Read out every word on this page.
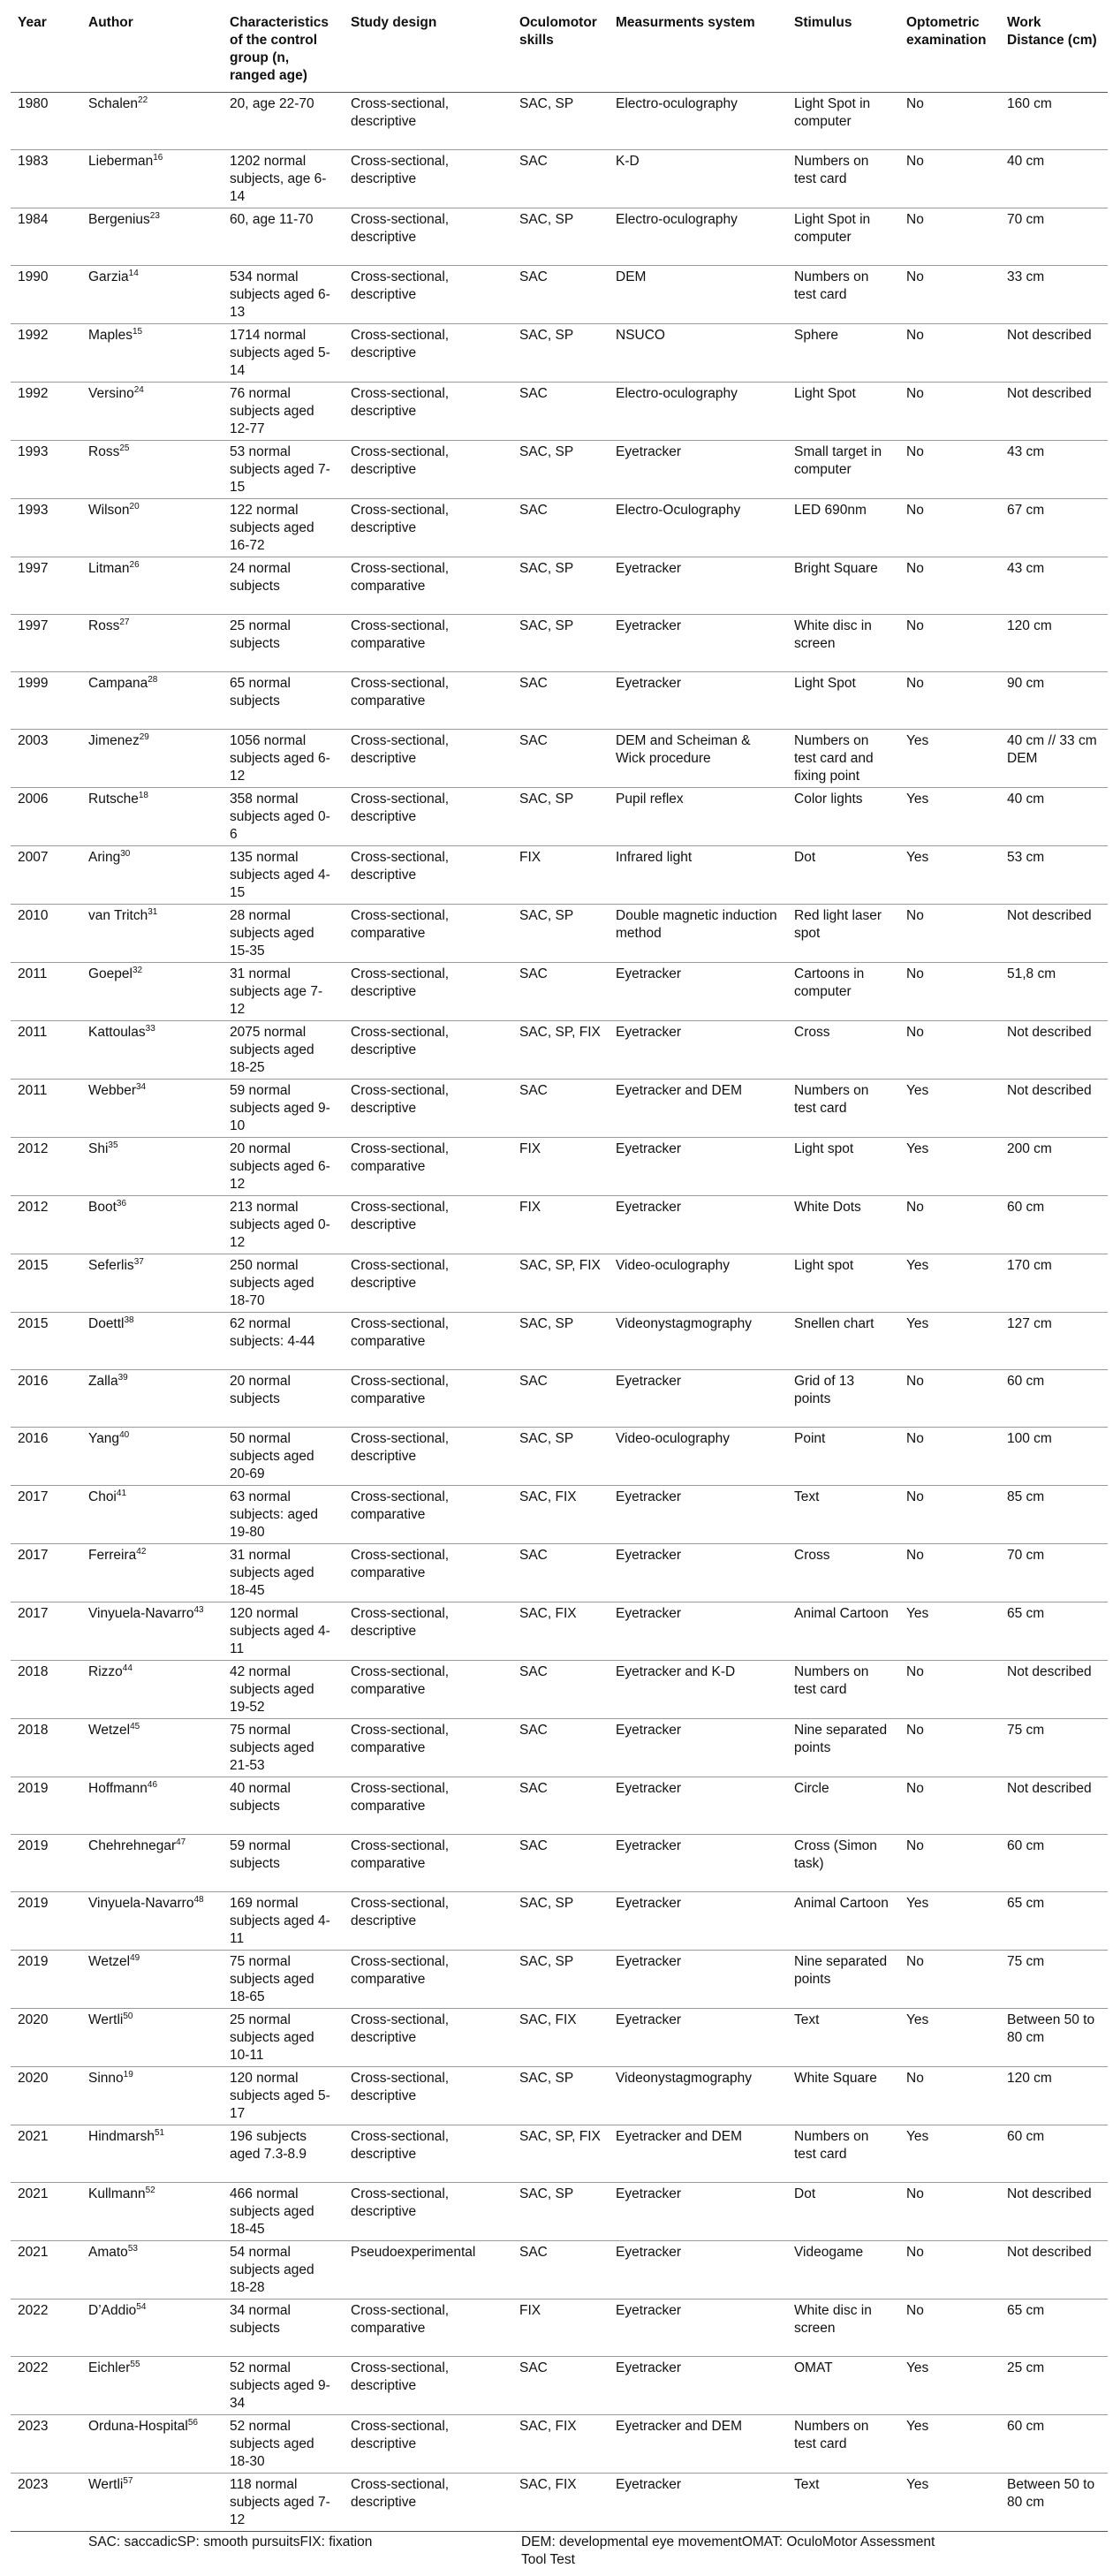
Year	Author	Characteristics of the control group (n, ranged age)	Study design	Oculomotor skills	Measurments system	Stimulus	Optometric examination	Work Distance (cm)
1980	Schalen$^{22}$	20, age 22-70	Cross-sectional, descriptive	SAC, SP	Electro-oculography	Light Spot in computer	No	160 cm
1983	Lieberman$^{16}$	1202 normal subjects, age 6-14	Cross-sectional, descriptive	SAC	K-D	Numbers on test card	No	40 cm
1984	Bergenius$^{23}$	60, age 11-70	Cross-sectional, descriptive	SAC, SP	Electro-oculography	Light Spot in computer	No	70 cm
1990	Garzia$^{14}$	534 normal subjects aged 6-13	Cross-sectional, descriptive	SAC	DEM	Numbers on test card	No	33 cm
1992	Maples$^{15}$	1714 normal subjects aged 5-14	Cross-sectional, descriptive	SAC, SP	NSUCO	Sphere	No	Not described
1992	Versino$^{24}$	76 normal subjects aged 12-77	Cross-sectional, descriptive	SAC	Electro-oculography	Light Spot	No	Not described
1993	Ross$^{25}$	53 normal subjects aged 7-15	Cross-sectional, descriptive	SAC, SP	Eyetracker	Small target in computer	No	43 cm
1993	Wilson$^{20}$	122 normal subjects aged 16-72	Cross-sectional, descriptive	SAC	Electro-Oculography	LED 690nm	No	67 cm
1997	Litman$^{26}$	24 normal subjects	Cross-sectional, comparative	SAC, SP	Eyetracker	Bright Square	No	43 cm
1997	Ross$^{27}$	25 normal subjects	Cross-sectional, comparative	SAC, SP	Eyetracker	White disc in screen	No	120 cm
1999	Campana$^{28}$	65 normal subjects	Cross-sectional, comparative	SAC	Eyetracker	Light Spot	No	90 cm
2003	Jimenez$^{29}$	1056 normal subjects aged 6-12	Cross-sectional, descriptive	SAC	DEM and Scheiman & Wick procedure	Numbers on test card and fixing point	Yes	40 cm // 33 cm DEM
2006	Rutsche$^{18}$	358 normal subjects aged 0-6	Cross-sectional, descriptive	SAC, SP	Pupil reflex	Color lights	Yes	40 cm
2007	Aring$^{30}$	135 normal subjects aged 4-15	Cross-sectional, descriptive	FIX	Infrared light	Dot	Yes	53 cm
2010	van Tritch$^{31}$	28 normal subjects aged 15-35	Cross-sectional, comparative	SAC, SP	Double magnetic induction method	Red light laser spot	No	Not described
2011	Goepel$^{32}$	31 normal subjects age 7-12	Cross-sectional, descriptive	SAC	Eyetracker	Cartoons in computer	No	51,8 cm
2011	Kattoulas$^{33}$	2075 normal subjects aged 18-25	Cross-sectional, descriptive	SAC, SP, FIX	Eyetracker	Cross	No	Not described
2011	Webber$^{34}$	59 normal subjects aged 9-10	Cross-sectional, descriptive	SAC	Eyetracker and DEM	Numbers on test card	Yes	Not described
2012	Shi$^{35}$	20 normal subjects aged 6-12	Cross-sectional, comparative	FIX	Eyetracker	Light spot	Yes	200 cm
2012	Boot$^{36}$	213 normal subjects aged 0-12	Cross-sectional, descriptive	FIX	Eyetracker	White Dots	No	60 cm
2015	Seferlis$^{37}$	250 normal subjects aged 18-70	Cross-sectional, descriptive	SAC, SP, FIX	Video-oculography	Light spot	Yes	170 cm
2015	Doettl$^{38}$	62 normal subjects: 4-44	Cross-sectional, comparative	SAC, SP	Videonystagmography	Snellen chart	Yes	127 cm
2016	Zalla$^{39}$	20 normal subjects	Cross-sectional, comparative	SAC	Eyetracker	Grid of 13 points	No	60 cm
2016	Yang$^{40}$	50 normal subjects aged 20-69	Cross-sectional, descriptive	SAC, SP	Video-oculography	Point	No	100 cm
2017	Choi$^{41}$	63 normal subjects: aged 19-80	Cross-sectional, comparative	SAC, FIX	Eyetracker	Text	No	85 cm
2017	Ferreira$^{42}$	31 normal subjects aged 18-45	Cross-sectional, comparative	SAC	Eyetracker	Cross	No	70 cm
2017	Vinyuela-Navarro$^{43}$	120 normal subjects aged 4-11	Cross-sectional, descriptive	SAC, FIX	Eyetracker	Animal Cartoon	Yes	65 cm
2018	Rizzo$^{44}$	42 normal subjects aged 19-52	Cross-sectional, comparative	SAC	Eyetracker and K-D	Numbers on test card	No	Not described
2018	Wetzel$^{45}$	75 normal subjects aged 21-53	Cross-sectional, comparative	SAC	Eyetracker	Nine separated points	No	75 cm
2019	Hoffmann$^{46}$	40 normal subjects	Cross-sectional, comparative	SAC	Eyetracker	Circle	No	Not described
2019	Chehrehnegar$^{47}$	59 normal subjects	Cross-sectional, comparative	SAC	Eyetracker	Cross (Simon task)	No	60 cm
2019	Vinyuela-Navarro$^{48}$	169 normal subjects aged 4-11	Cross-sectional, descriptive	SAC, SP	Eyetracker	Animal Cartoon	Yes	65 cm
2019	Wetzel$^{49}$	75 normal subjects aged 18-65	Cross-sectional, comparative	SAC, SP	Eyetracker	Nine separated points	No	75 cm
2020	Wertli$^{50}$	25 normal subjects aged 10-11	Cross-sectional, descriptive	SAC, FIX	Eyetracker	Text	Yes	Between 50 to 80 cm
2020	Sinno$^{19}$	120 normal subjects aged 5-17	Cross-sectional, descriptive	SAC, SP	Videonystagmography	White Square	No	120 cm
2021	Hindmarsh$^{51}$	196 subjects aged 7.3-8.9	Cross-sectional, descriptive	SAC, SP, FIX	Eyetracker and DEM	Numbers on test card	Yes	60 cm
2021	Kullmann$^{52}$	466 normal subjects aged 18-45	Cross-sectional, descriptive	SAC, SP	Eyetracker	Dot	No	Not described
2021	Amato$^{53}$	54 normal subjects aged 18-28	Pseudoexperimental	SAC	Eyetracker	Videogame	No	Not described
2022	D’Addio$^{54}$	34 normal subjects	Cross-sectional, comparative	FIX	Eyetracker	White disc in screen	No	65 cm
2022	Eichler$^{55}$	52 normal subjects aged 9-34	Cross-sectional, descriptive	SAC	Eyetracker	OMAT	Yes	25 cm
2023	Orduna-Hospital$^{56}$	52 normal subjects aged 18-30	Cross-sectional, descriptive	SAC, FIX	Eyetracker and DEM	Numbers on test card	Yes	60 cm
2023	Wertli$^{57}$	118 normal subjects aged 7-12	Cross-sectional, descriptive	SAC, FIX	Eyetracker	Text	Yes	Between 50 to 80 cm
SAC: saccadicSP: smooth pursuitsFIX: fixation	DEM: developmental eye movementOMAT: OculoMotor Assessment Tool Test
